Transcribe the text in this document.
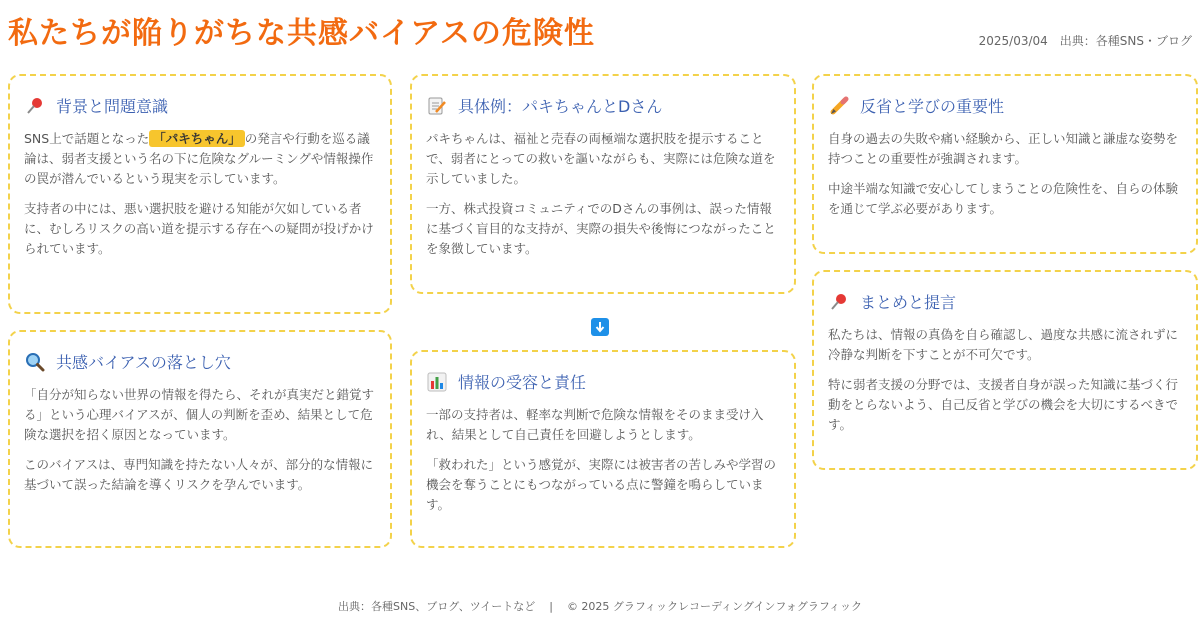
私たちが陥りがちな共感バイアスの危険性	2025/03/04 出典：各種SNS・ブログ
背景と問題意識

SNS上で話題となった 「パキちゃん」 の発言や行動を巡る議論は、弱者支援という名の下に危険なグルーミングや情報操作の罠が潜んでいるという現実を示しています。

支持者の中には、悪い選択肢を避ける知能が欠如している者に、むしろリスクの高い道を提示する存在への疑問が投げかけられています。

共感バイアスの落とし穴

「自分が知らない世界の情報を得たら、それが真実だと錯覚する」という心理バイアスが、個人の判断を歪め、結果として危険な選択を招く原因となっています。

このバイアスは、専門知識を持たない人々が、部分的な情報に基づいて誤った結論を導くリスクを孕んでいます。

具体例：パキちゃんとDさん

パキちゃんは、福祉と売春の両極端な選択肢を提示することで、弱者にとっての救いを謳いながらも、実際には危険な道を示していました。

一方、株式投資コミュニティでのDさんの事例は、誤った情報に基づく盲目的な支持が、実際の損失や後悔につながったことを象徴しています。

情報の受容と責任

一部の支持者は、軽率な判断で危険な情報をそのまま受け入れ、結果として自己責任を回避しようとします。

「救われた」という感覚が、実際には被害者の苦しみや学習の機会を奪うことにもつながっている点に警鐘を鳴らしています。

反省と学びの重要性

自身の過去の失敗や痛い経験から、正しい知識と謙虚な姿勢を持つことの重要性が強調されます。

中途半端な知識で安心してしまうことの危険性を、自らの体験を通じて学ぶ必要があります。

まとめと提言

私たちは、情報の真偽を自ら確認し、過度な共感に流されずに冷静な判断を下すことが不可欠です。

特に弱者支援の分野では、支援者自身が誤った知識に基づく行動をとらないよう、自己反省と学びの機会を大切にするべきです。

出典：各種SNS、ブログ、ツイートなど | © 2025 グラフィックレコーディングインフォグラフィック
